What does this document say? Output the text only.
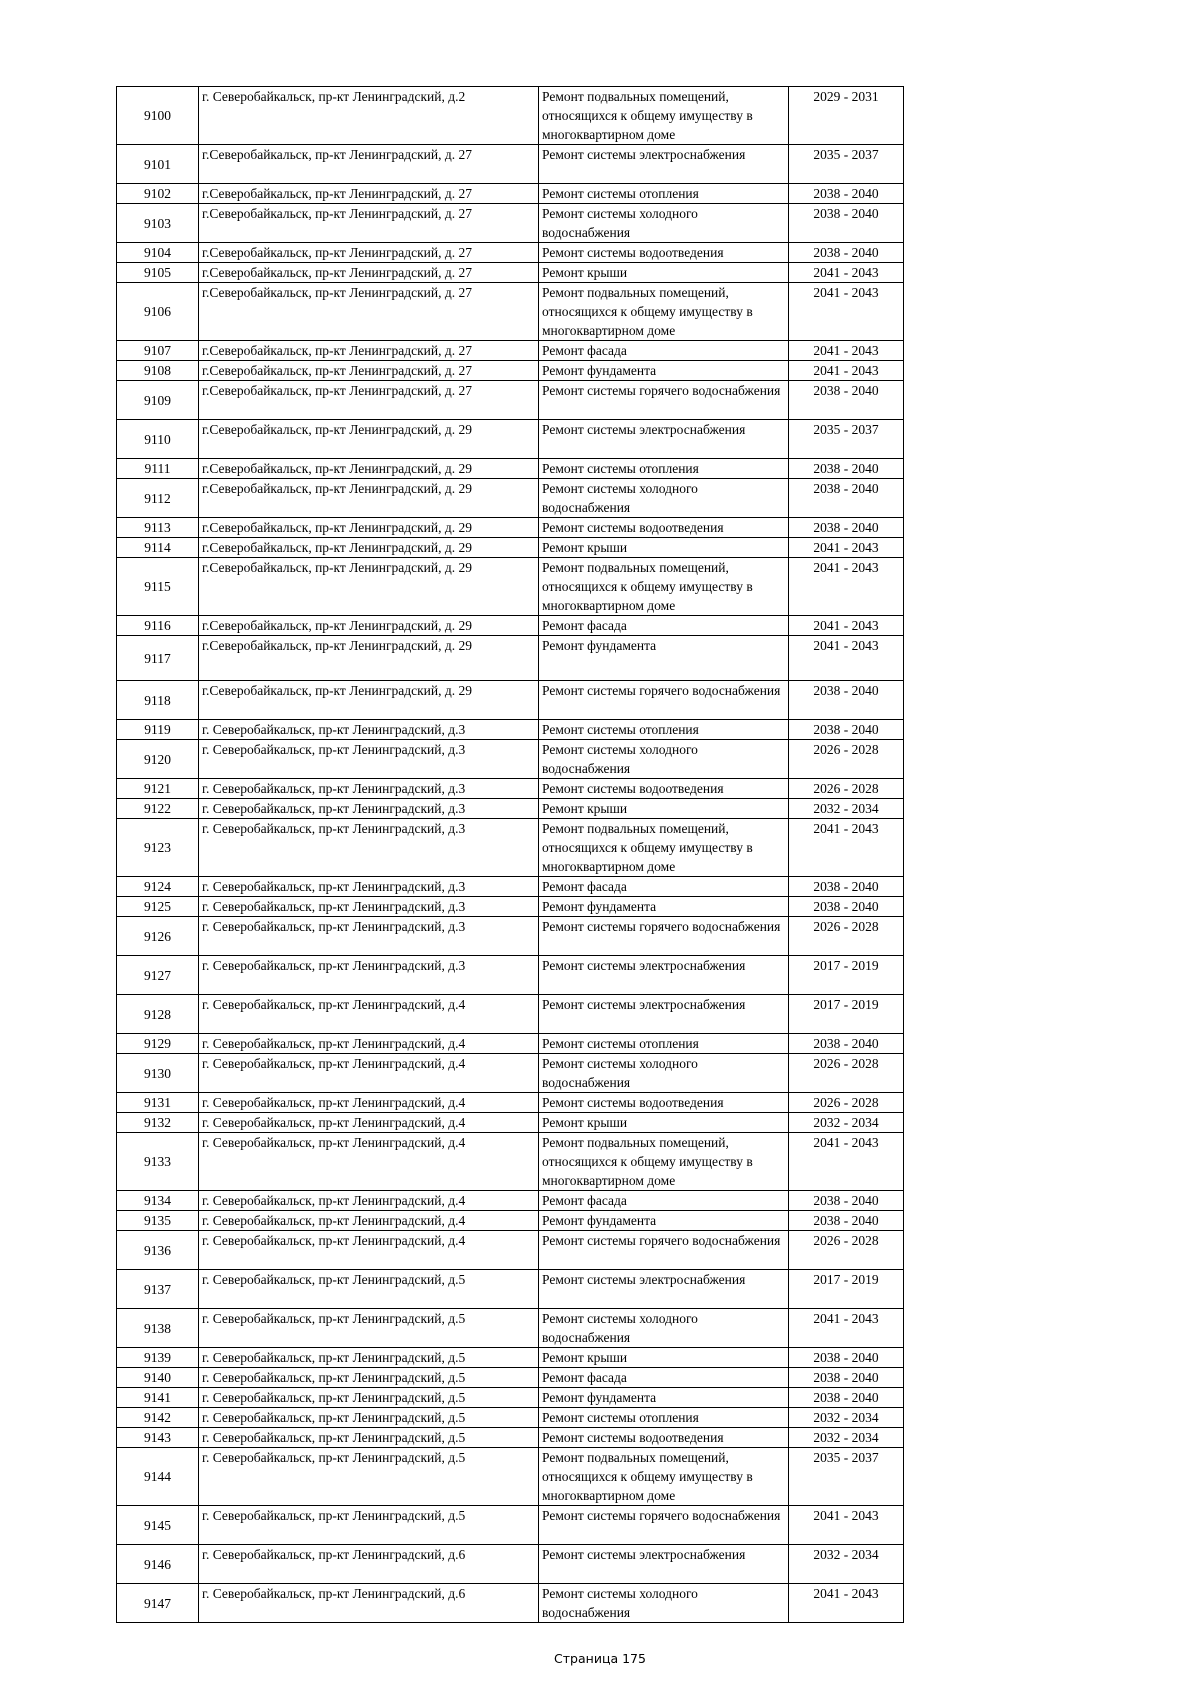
9100	г. Северобайкальск, пр-кт Ленинградский, д.2	Ремонт подвальных помещений, относящихся к общему имуществу в многоквартирном доме	2029 - 2031
9101	г.Северобайкальск, пр-кт Ленинградский, д. 27	Ремонт системы электроснабжения	2035 - 2037
9102	г.Северобайкальск, пр-кт Ленинградский, д. 27	Ремонт системы отопления	2038 - 2040
9103	г.Северобайкальск, пр-кт Ленинградский, д. 27	Ремонт системы холодного водоснабжения	2038 - 2040
9104	г.Северобайкальск, пр-кт Ленинградский, д. 27	Ремонт системы водоотведения	2038 - 2040
9105	г.Северобайкальск, пр-кт Ленинградский, д. 27	Ремонт крыши	2041 - 2043
9106	г.Северобайкальск, пр-кт Ленинградский, д. 27	Ремонт подвальных помещений, относящихся к общему имуществу в многоквартирном доме	2041 - 2043
9107	г.Северобайкальск, пр-кт Ленинградский, д. 27	Ремонт фасада	2041 - 2043
9108	г.Северобайкальск, пр-кт Ленинградский, д. 27	Ремонт фундамента	2041 - 2043
9109	г.Северобайкальск, пр-кт Ленинградский, д. 27	Ремонт системы горячего водоснабжения	2038 - 2040
9110	г.Северобайкальск, пр-кт Ленинградский, д. 29	Ремонт системы электроснабжения	2035 - 2037
9111	г.Северобайкальск, пр-кт Ленинградский, д. 29	Ремонт системы отопления	2038 - 2040
9112	г.Северобайкальск, пр-кт Ленинградский, д. 29	Ремонт системы холодного водоснабжения	2038 - 2040
9113	г.Северобайкальск, пр-кт Ленинградский, д. 29	Ремонт системы водоотведения	2038 - 2040
9114	г.Северобайкальск, пр-кт Ленинградский, д. 29	Ремонт крыши	2041 - 2043
9115	г.Северобайкальск, пр-кт Ленинградский, д. 29	Ремонт подвальных помещений, относящихся к общему имуществу в многоквартирном доме	2041 - 2043
9116	г.Северобайкальск, пр-кт Ленинградский, д. 29	Ремонт фасада	2041 - 2043
9117	г.Северобайкальск, пр-кт Ленинградский, д. 29	Ремонт фундамента	2041 - 2043
9118	г.Северобайкальск, пр-кт Ленинградский, д. 29	Ремонт системы горячего водоснабжения	2038 - 2040
9119	г. Северобайкальск, пр-кт Ленинградский, д.3	Ремонт системы отопления	2038 - 2040
9120	г. Северобайкальск, пр-кт Ленинградский, д.3	Ремонт системы холодного водоснабжения	2026 - 2028
9121	г. Северобайкальск, пр-кт Ленинградский, д.3	Ремонт системы водоотведения	2026 - 2028
9122	г. Северобайкальск, пр-кт Ленинградский, д.3	Ремонт крыши	2032 - 2034
9123	г. Северобайкальск, пр-кт Ленинградский, д.3	Ремонт подвальных помещений, относящихся к общему имуществу в многоквартирном доме	2041 - 2043
9124	г. Северобайкальск, пр-кт Ленинградский, д.3	Ремонт фасада	2038 - 2040
9125	г. Северобайкальск, пр-кт Ленинградский, д.3	Ремонт фундамента	2038 - 2040
9126	г. Северобайкальск, пр-кт Ленинградский, д.3	Ремонт системы горячего водоснабжения	2026 - 2028
9127	г. Северобайкальск, пр-кт Ленинградский, д.3	Ремонт системы электроснабжения	2017 - 2019
9128	г. Северобайкальск, пр-кт Ленинградский, д.4	Ремонт системы электроснабжения	2017 - 2019
9129	г. Северобайкальск, пр-кт Ленинградский, д.4	Ремонт системы отопления	2038 - 2040
9130	г. Северобайкальск, пр-кт Ленинградский, д.4	Ремонт системы холодного водоснабжения	2026 - 2028
9131	г. Северобайкальск, пр-кт Ленинградский, д.4	Ремонт системы водоотведения	2026 - 2028
9132	г. Северобайкальск, пр-кт Ленинградский, д.4	Ремонт крыши	2032 - 2034
9133	г. Северобайкальск, пр-кт Ленинградский, д.4	Ремонт подвальных помещений, относящихся к общему имуществу в многоквартирном доме	2041 - 2043
9134	г. Северобайкальск, пр-кт Ленинградский, д.4	Ремонт фасада	2038 - 2040
9135	г. Северобайкальск, пр-кт Ленинградский, д.4	Ремонт фундамента	2038 - 2040
9136	г. Северобайкальск, пр-кт Ленинградский, д.4	Ремонт системы горячего водоснабжения	2026 - 2028
9137	г. Северобайкальск, пр-кт Ленинградский, д.5	Ремонт системы электроснабжения	2017 - 2019
9138	г. Северобайкальск, пр-кт Ленинградский, д.5	Ремонт системы холодного водоснабжения	2041 - 2043
9139	г. Северобайкальск, пр-кт Ленинградский, д.5	Ремонт крыши	2038 - 2040
9140	г. Северобайкальск, пр-кт Ленинградский, д.5	Ремонт фасада	2038 - 2040
9141	г. Северобайкальск, пр-кт Ленинградский, д.5	Ремонт фундамента	2038 - 2040
9142	г. Северобайкальск, пр-кт Ленинградский, д.5	Ремонт системы отопления	2032 - 2034
9143	г. Северобайкальск, пр-кт Ленинградский, д.5	Ремонт системы водоотведения	2032 - 2034
9144	г. Северобайкальск, пр-кт Ленинградский, д.5	Ремонт подвальных помещений, относящихся к общему имуществу в многоквартирном доме	2035 - 2037
9145	г. Северобайкальск, пр-кт Ленинградский, д.5	Ремонт системы горячего водоснабжения	2041 - 2043
9146	г. Северобайкальск, пр-кт Ленинградский, д.6	Ремонт системы электроснабжения	2032 - 2034
9147	г. Северобайкальск, пр-кт Ленинградский, д.6	Ремонт системы холодного водоснабжения	2041 - 2043
Страница 175
